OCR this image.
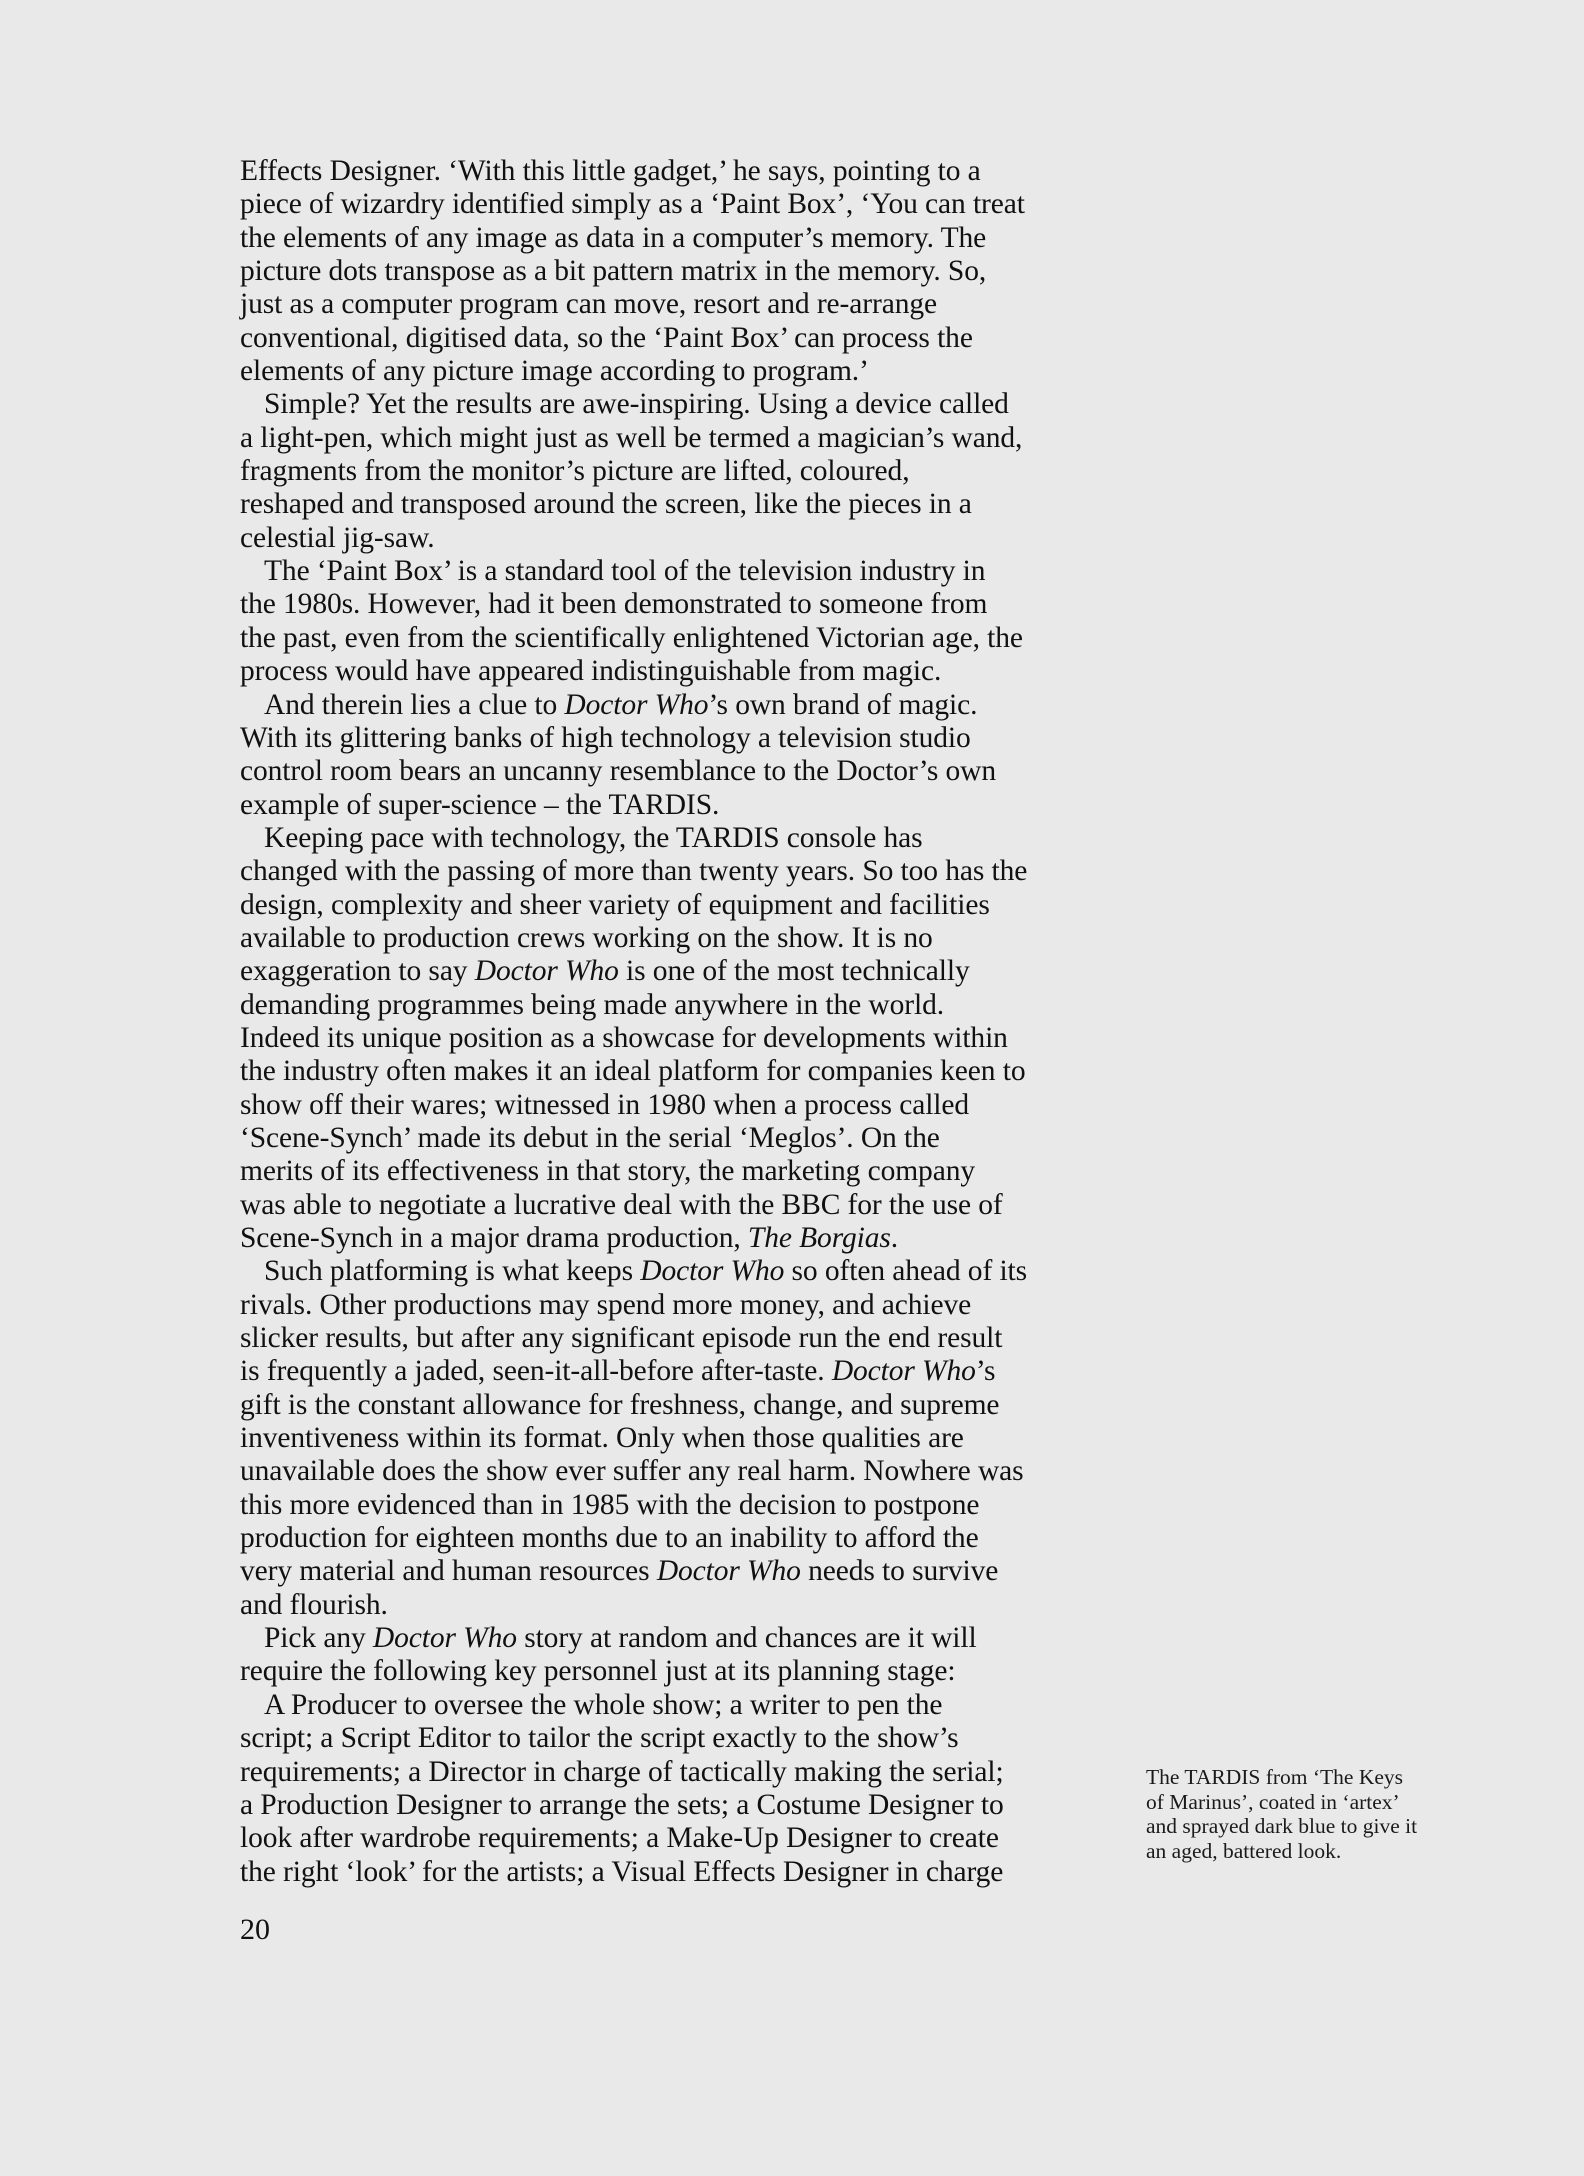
Effects Designer. ‘With this little gadget,’ he says, pointing to a
piece of wizardry identified simply as a ‘Paint Box’, ‘You can treat
the elements of any image as data in a computer’s memory. The
picture dots transpose as a bit pattern matrix in the memory. So,
just as a computer program can move, resort and re-arrange
conventional, digitised data, so the ‘Paint Box’ can process the
elements of any picture image according to program.’

Simple? Yet the results are awe-inspiring. Using a device called
a light-pen, which might just as well be termed a magician’s wand,
fragments from the monitor’s picture are lifted, coloured,
reshaped and transposed around the screen, like the pieces in a
celestial jig-saw.

The ‘Paint Box’ is a standard tool of the television industry in
the 1980s. However, had it been demonstrated to someone from
the past, even from the scientifically enlightened Victorian age, the
process would have appeared indistinguishable from magic.

And therein lies a clue to Doctor Who’s own brand of magic.
With its glittering banks of high technology a television studio
control room bears an uncanny resemblance to the Doctor’s own
example of super-science – the TARDIS.

Keeping pace with technology, the TARDIS console has
changed with the passing of more than twenty years. So too has the
design, complexity and sheer variety of equipment and facilities
available to production crews working on the show. It is no
exaggeration to say Doctor Who is one of the most technically
demanding programmes being made anywhere in the world.
Indeed its unique position as a showcase for developments within
the industry often makes it an ideal platform for companies keen to
show off their wares; witnessed in 1980 when a process called
‘Scene-Synch’ made its debut in the serial ‘Meglos’. On the
merits of its effectiveness in that story, the marketing company
was able to negotiate a lucrative deal with the BBC for the use of
Scene-Synch in a major drama production, The Borgias.

Such platforming is what keeps Doctor Who so often ahead of its
rivals. Other productions may spend more money, and achieve
slicker results, but after any significant episode run the end result
is frequently a jaded, seen-it-all-before after-taste. Doctor Who’s
gift is the constant allowance for freshness, change, and supreme
inventiveness within its format. Only when those qualities are
unavailable does the show ever suffer any real harm. Nowhere was
this more evidenced than in 1985 with the decision to postpone
production for eighteen months due to an inability to afford the
very material and human resources Doctor Who needs to survive
and flourish.

Pick any Doctor Who story at random and chances are it will
require the following key personnel just at its planning stage:

A Producer to oversee the whole show; a writer to pen the
script; a Script Editor to tailor the script exactly to the show’s
requirements; a Director in charge of tactically making the serial;
a Production Designer to arrange the sets; a Costume Designer to
look after wardrobe requirements; a Make-Up Designer to create
the right ‘look’ for the artists; a Visual Effects Designer in charge

The TARDIS from ‘The Keys
of Marinus’, coated in ‘artex’
and sprayed dark blue to give it
an aged, battered look.
20
